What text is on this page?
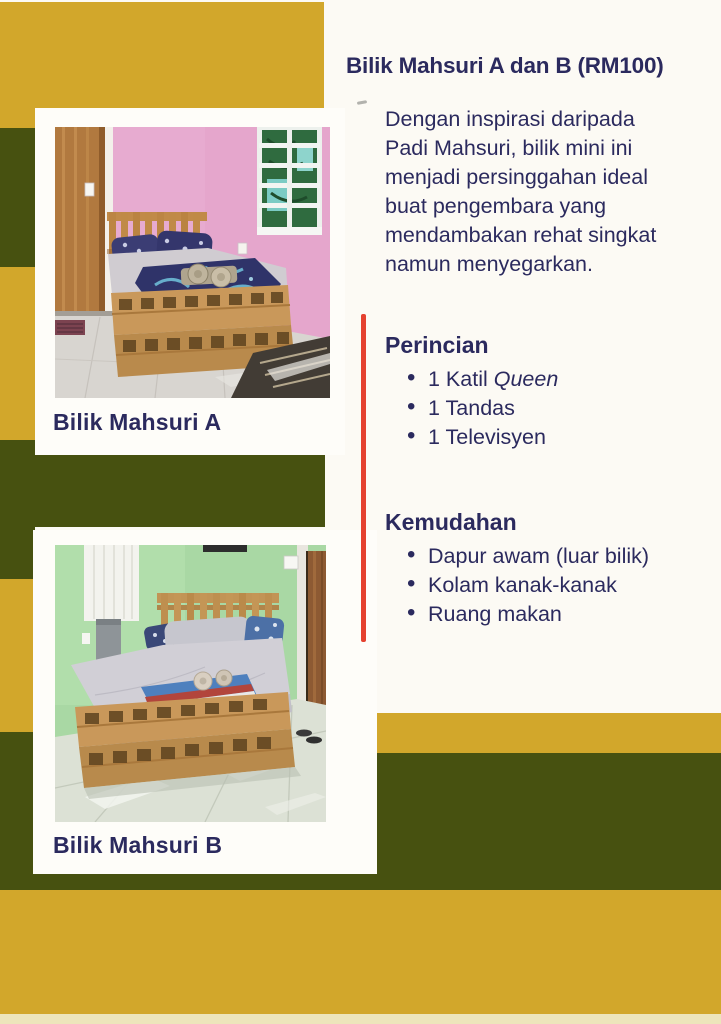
Bilik Mahsuri A
Bilik Mahsuri B
Bilik Mahsuri A dan B (RM100)
Dengan inspirasi daripada
Padi Mahsuri, bilik mini ini
menjadi persinggahan ideal
buat pengembara yang
mendambakan rehat singkat
namun menyegarkan.
Perincian
• 1 Katil Queen
• 1 Tandas
• 1 Televisyen
Kemudahan
• Dapur awam (luar bilik)
• Kolam kanak-kanak
• Ruang makan
